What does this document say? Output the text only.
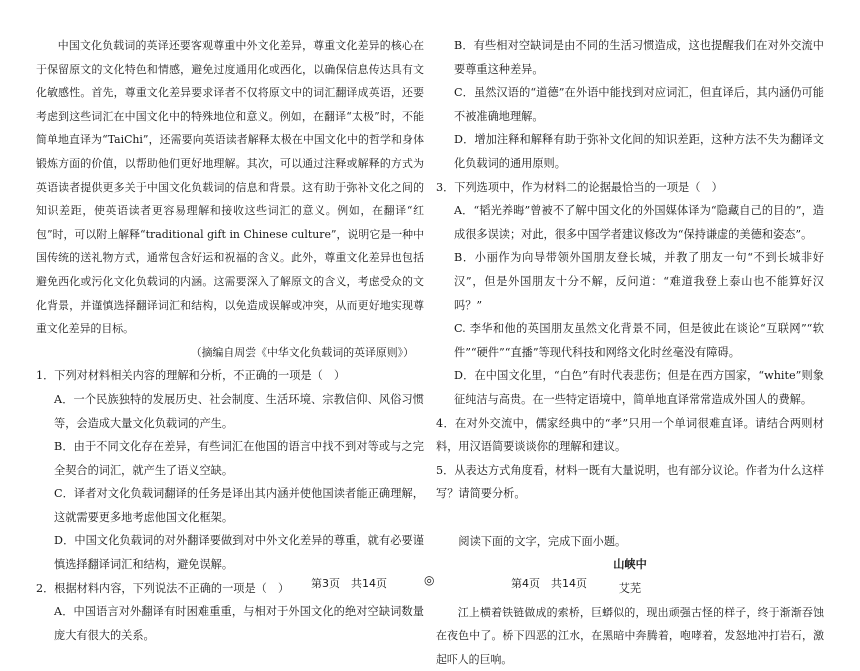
中国文化负载词的英译还要客观尊重中外文化差异，尊重文化差异的核心在于保留原文的文化特色和情感，避免过度通用化或西化，以确保信息传达具有文化敏感性。首先，尊重文化差异要求译者不仅将原文中的词汇翻译成英语，还要考虑到这些词汇在中国文化中的特殊地位和意义。例如，在翻译“太极”时，不能简单地直译为“TaiChi”，还需要向英语读者解释太极在中国文化中的哲学和身体锻炼方面的价值，以帮助他们更好地理解。其次，可以通过注释或解释的方式为英语读者提供更多关于中国文化负载词的信息和背景。这有助于弥补文化之间的知识差距，使英语读者更容易理解和接收这些词汇的意义。例如，在翻译“红包”时，可以附上解释“traditional gift in Chinese culture”，说明它是一种中国传统的送礼物方式，通常包含好运和祝福的含义。此外，尊重文化差异也包括避免西化或污化文化负载词的内涵。这需要深入了解原文的含义，考虑受众的文化背景，并谨慎选择翻译词汇和结构，以免造成误解或冲突，从而更好地实现尊重文化差异的目标。

（摘编自周尝《中华文化负载词的英译原则》）

1．下列对材料相关内容的理解和分析，不正确的一项是（　）

A．一个民族独特的发展历史、社会制度、生活环境、宗教信仰、风俗习惯等，会造成大量文化负载词的产生。

B．由于不同文化存在差异，有些词汇在他国的语言中找不到对等或与之完全契合的词汇，就产生了语义空缺。

C．译者对文化负载词翻译的任务是译出其内涵并使他国读者能正确理解，这就需要更多地考虑他国文化框架。

D．中国文化负载词的对外翻译要做到对中外文化差异的尊重，就有必要谨慎选择翻译词汇和结构，避免误解。

2．根据材料内容，下列说法不正确的一项是（　）

A．中国语言对外翻译有时困难重重，与相对于外国文化的绝对空缺词数量庞大有很大的关系。

B．有些相对空缺词是由不同的生活习惯造成，这也提醒我们在对外交流中要尊重这种差异。

C．虽然汉语的“道德”在外语中能找到对应词汇，但直译后，其内涵仍可能不被准确地理解。

D．增加注释和解释有助于弥补文化间的知识差距，这种方法不失为翻译文化负载词的通用原则。

3．下列选项中，作为材料二的论据最恰当的一项是（　）

A．“韬光养晦”曾被不了解中国文化的外国媒体译为“隐藏自己的目的”，造成很多误读；对此，很多中国学者建议修改为“保持谦虚的美德和姿态”。

B．小丽作为向导带领外国朋友登长城，并教了朋友一句“不到长城非好汉”，但是外国朋友十分不解，反问道：“难道我登上泰山也不能算好汉吗？”

C. 李华和他的英国朋友虽然文化背景不同，但是彼此在谈论“互联网”“软件”“硬件”“直播”等现代科技和网络文化时丝毫没有障碍。

D．在中国文化里，“白色”有时代表悲伤；但是在西方国家，“white”则象征纯洁与高贵。在一些特定语境中，简单地直译常常造成外国人的费解。

4．在对外交流中，儒家经典中的“孝”只用一个单词很难直译。请结合两则材料，用汉语简要谈谈你的理解和建议。

5．从表达方式角度看，材料一既有大量说明，也有部分议论。作者为什么这样写？请简要分析。

阅读下面的文字，完成下面小题。

山峡中

艾芜

江上横着铁链做成的索桥，巨蟒似的，现出顽强古怪的样子，终于渐渐吞蚀在夜色中了。桥下四恶的江水，在黑暗中奔腾着，咆哮着，发怒地冲打岩石，激起吓人的巨响。

第3页　共14页	◎	第4页　共14页
